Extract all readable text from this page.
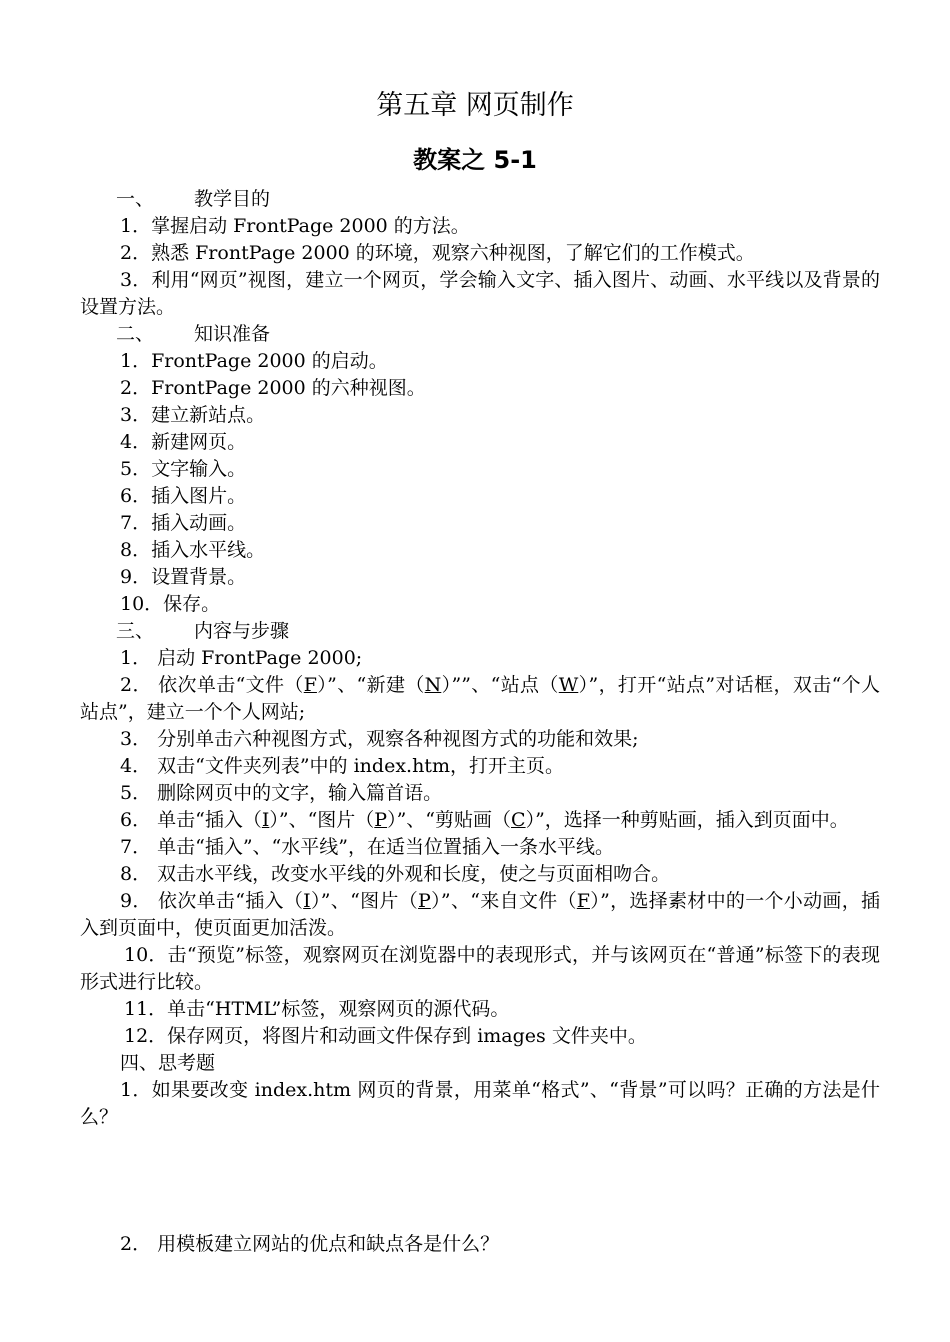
第五章 网页制作
教案之 5-1
一、 教学目的
1．掌握启动 FrontPage 2000 的方法。
2．熟悉 FrontPage 2000 的环境，观察六种视图，了解它们的工作模式。
3．利用“网页”视图，建立一个网页，学会输入文字、插入图片、动画、水平线以及背景的设置方法。
二、 知识准备
1．FrontPage 2000 的启动。
2．FrontPage 2000 的六种视图。
3．建立新站点。
4．新建网页。
5．文字输入。
6．插入图片。
7．插入动画。
8．插入水平线。
9．设置背景。
10．保存。
三、 内容与步骤
1． 启动 FrontPage 2000;
2． 依次单击“文件（F）”、“新建（N）””、“站点（W）”，打开“站点”对话框，双击“个人站点”，建立一个个人网站;
3． 分别单击六种视图方式，观察各种视图方式的功能和效果;
4． 双击“文件夹列表”中的 index.htm，打开主页。
5． 删除网页中的文字，输入篇首语。
6． 单击“插入（I）”、“图片（P）”、“剪贴画（C）”，选择一种剪贴画，插入到页面中。
7． 单击“插入”、“水平线”，在适当位置插入一条水平线。
8． 双击水平线，改变水平线的外观和长度，使之与页面相吻合。
9． 依次单击“插入（I）”、“图片（P）”、“来自文件（F）”，选择素材中的一个小动画，插入到页面中，使页面更加活泼。
10．击“预览”标签，观察网页在浏览器中的表现形式，并与该网页在“普通”标签下的表现形式进行比较。
11．单击“HTML”标签，观察网页的源代码。
12．保存网页，将图片和动画文件保存到 images 文件夹中。
四、思考题
1．如果要改变 index.htm 网页的背景，用菜单“格式”、“背景”可以吗？正确的方法是什么？
2． 用模板建立网站的优点和缺点各是什么？
